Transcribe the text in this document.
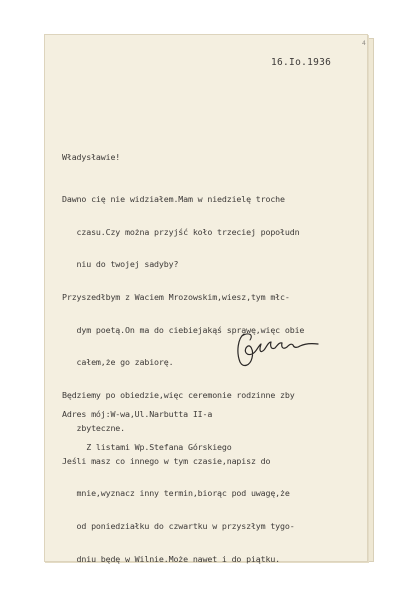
4
16.Io.1936
Władysławie!

Dawno cię nie widziałem.Mam w niedzielę troche

czasu.Czy można przyjść koło trzeciej popołudn

niu do twojej sadyby?

Przyszedłbym z Waciem Mrozowskim,wiesz,tym młc-

dym poetą.On ma do ciebiejakąś sprawę,więc obie

całem,że go zabiorę.

Będziemy po obiedzie,więc ceremonie rodzinne zby

zbyteczne.

Jeśli masz co innego w tym czasie,napisz do

mnie,wyznacz inny termin,biorąc pod uwagę,że

od poniedziałku do czwartku w przyszłym tygo-

dniu będę w Wilnie.Może nawet i do piątku.

Adres mój:W-wa,Ul.Narbutta II-a

Z listami Wp.Stefana Górskiego
